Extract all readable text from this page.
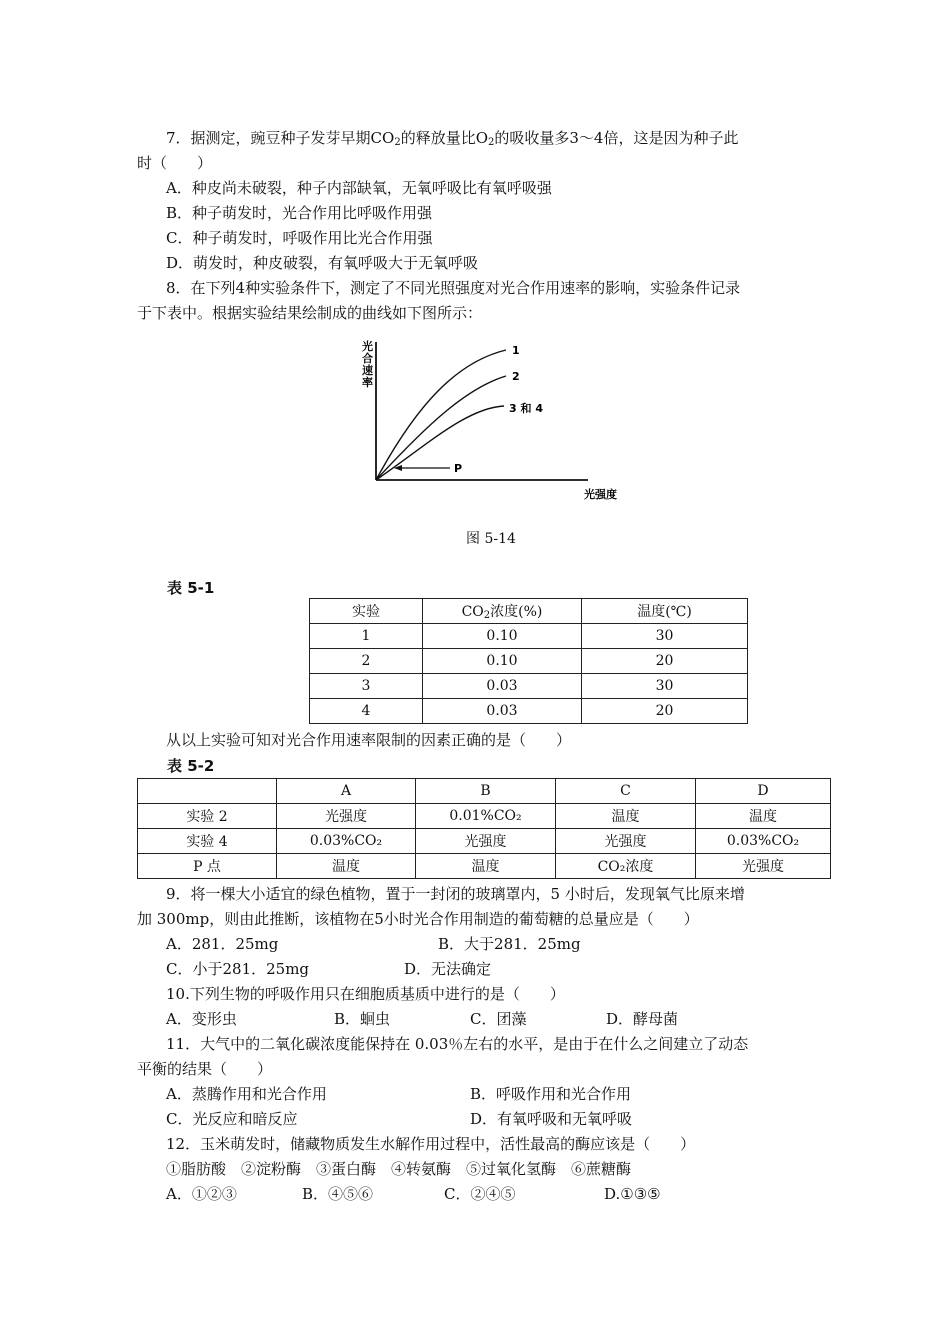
7．据测定，豌豆种子发芽早期$CO_2$的释放量比$O_2$的吸收量多3～4倍，这是因为种子此
时（　　）
A．种皮尚未破裂，种子内部缺氧，无氧呼吸比有氧呼吸强
B．种子萌发时，光合作用比呼吸作用强
C．种子萌发时，呼吸作用比光合作用强
D．萌发时，种皮破裂，有氧呼吸大于无氧呼吸
8．在下列4种实验条件下，测定了不同光照强度对光合作用速率的影响，实验条件记录
于下表中。根据实验结果绘制成的曲线如下图所示：
光合速率
光强度
1
2
3 和 4
P
图 5-14
表 5-1
实验	$CO_2$浓度(%)	温度(℃)
1	0.10	30
2	0.10	20
3	0.03	30
4	0.03	20
从以上实验可知对光合作用速率限制的因素正确的是（　　）
表 5-2
	A	B	C	D
实验 2	光强度	0.01%CO₂	温度	温度
实验 4	0.03%CO₂	光强度	光强度	0.03%CO₂
P 点	温度	温度	CO₂浓度	光强度
9．将一棵大小适宜的绿色植物，置于一封闭的玻璃罩内，5 小时后，发现氧气比原来增
加 300mp，则由此推断，该植物在5小时光合作用制造的葡萄糖的总量应是（　　）
A．281．25mg	B．大于281．25mg
C．小于281．25mg	D．无法确定
10.下列生物的呼吸作用只在细胞质基质中进行的是（　　）
A．变形虫	B．蛔虫	C．团藻	D．酵母菌
11．大气中的二氧化碳浓度能保持在 0.03％左右的水平，是由于在什么之间建立了动态
平衡的结果（　　）
A．蒸腾作用和光合作用	B．呼吸作用和光合作用
C．光反应和暗反应	D．有氧呼吸和无氧呼吸
12．玉米萌发时，储藏物质发生水解作用过程中，活性最高的酶应该是（　　）
①脂肪酸　②淀粉酶　③蛋白酶　④转氨酶　⑤过氧化氢酶　⑥蔗糖酶
A．①②③	B．④⑤⑥	C．②④⑤	D.①③⑤
